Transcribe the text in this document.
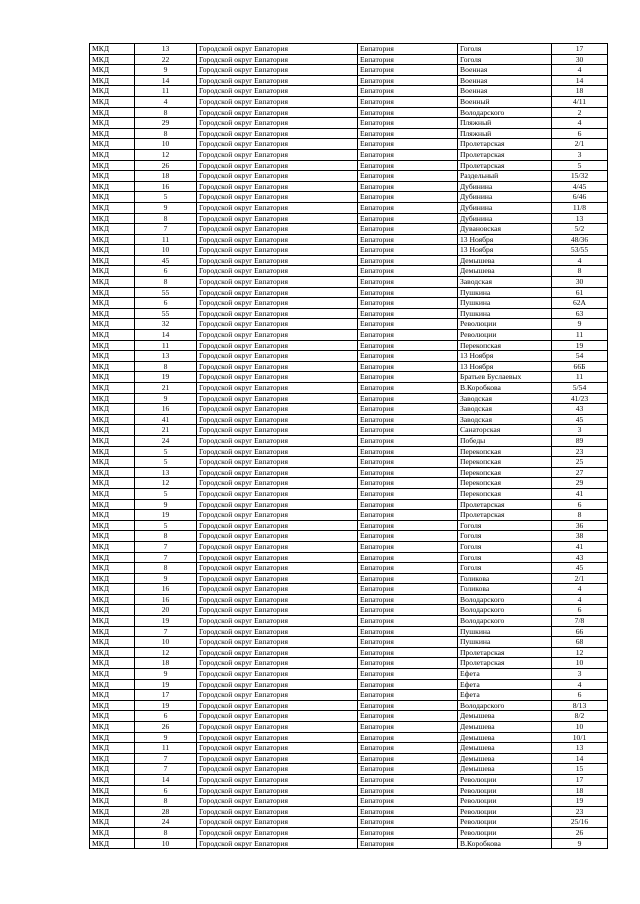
МКД	13	Городской округ Евпатория	Евпатория	Гоголя	17
МКД	22	Городской округ Евпатория	Евпатория	Гоголя	30
МКД	9	Городской округ Евпатория	Евпатория	Военная	4
МКД	14	Городской округ Евпатория	Евпатория	Военная	14
МКД	11	Городской округ Евпатория	Евпатория	Военная	18
МКД	4	Городской округ Евпатория	Евпатория	Военный	4/11
МКД	8	Городской округ Евпатория	Евпатория	Володарского	2
МКД	29	Городской округ Евпатория	Евпатория	Пляжный	4
МКД	8	Городской округ Евпатория	Евпатория	Пляжный	6
МКД	10	Городской округ Евпатория	Евпатория	Пролетарская	2/1
МКД	12	Городской округ Евпатория	Евпатория	Пролетарская	3
МКД	26	Городской округ Евпатория	Евпатория	Пролетарская	5
МКД	18	Городской округ Евпатория	Евпатория	Раздельный	15/32
МКД	16	Городской округ Евпатория	Евпатория	Дубинина	4/45
МКД	5	Городской округ Евпатория	Евпатория	Дубинина	6/46
МКД	9	Городской округ Евпатория	Евпатория	Дубинина	11/8
МКД	8	Городской округ Евпатория	Евпатория	Дубинина	13
МКД	7	Городской округ Евпатория	Евпатория	Дувановская	5/2
МКД	11	Городской округ Евпатория	Евпатория	13 Ноября	48/36
МКД	10	Городской округ Евпатория	Евпатория	13 Ноября	53/55
МКД	45	Городской округ Евпатория	Евпатория	Демышева	4
МКД	6	Городской округ Евпатория	Евпатория	Демышева	8
МКД	8	Городской округ Евпатория	Евпатория	Заводская	30
МКД	55	Городской округ Евпатория	Евпатория	Пушкина	61
МКД	6	Городской округ Евпатория	Евпатория	Пушкина	62А
МКД	55	Городской округ Евпатория	Евпатория	Пушкина	63
МКД	32	Городской округ Евпатория	Евпатория	Революции	9
МКД	14	Городской округ Евпатория	Евпатория	Революции	11
МКД	11	Городской округ Евпатория	Евпатория	Перекопская	19
МКД	13	Городской округ Евпатория	Евпатория	13 Ноября	54
МКД	8	Городской округ Евпатория	Евпатория	13 Ноября	66Б
МКД	19	Городской округ Евпатория	Евпатория	Братьев Буслаевых	11
МКД	21	Городской округ Евпатория	Евпатория	В.Коробкова	5/54
МКД	9	Городской округ Евпатория	Евпатория	Заводская	41/23
МКД	16	Городской округ Евпатория	Евпатория	Заводская	43
МКД	41	Городской округ Евпатория	Евпатория	Заводская	45
МКД	21	Городской округ Евпатория	Евпатория	Санаторская	3
МКД	24	Городской округ Евпатория	Евпатория	Победы	89
МКД	5	Городской округ Евпатория	Евпатория	Перекопская	23
МКД	5	Городской округ Евпатория	Евпатория	Перекопская	25
МКД	13	Городской округ Евпатория	Евпатория	Перекопская	27
МКД	12	Городской округ Евпатория	Евпатория	Перекопская	29
МКД	5	Городской округ Евпатория	Евпатория	Перекопская	41
МКД	9	Городской округ Евпатория	Евпатория	Пролетарская	6
МКД	19	Городской округ Евпатория	Евпатория	Пролетарская	8
МКД	5	Городской округ Евпатория	Евпатория	Гоголя	36
МКД	8	Городской округ Евпатория	Евпатория	Гоголя	38
МКД	7	Городской округ Евпатория	Евпатория	Гоголя	41
МКД	7	Городской округ Евпатория	Евпатория	Гоголя	43
МКД	8	Городской округ Евпатория	Евпатория	Гоголя	45
МКД	9	Городской округ Евпатория	Евпатория	Голикова	2/1
МКД	16	Городской округ Евпатория	Евпатория	Голикова	4
МКД	16	Городской округ Евпатория	Евпатория	Володарского	4
МКД	20	Городской округ Евпатория	Евпатория	Володарского	6
МКД	19	Городской округ Евпатория	Евпатория	Володарского	7/8
МКД	7	Городской округ Евпатория	Евпатория	Пушкина	66
МКД	10	Городской округ Евпатория	Евпатория	Пушкина	68
МКД	12	Городской округ Евпатория	Евпатория	Пролетарская	12
МКД	18	Городской округ Евпатория	Евпатория	Пролетарская	10
МКД	9	Городской округ Евпатория	Евпатория	Ефета	3
МКД	19	Городской округ Евпатория	Евпатория	Ефета	4
МКД	17	Городской округ Евпатория	Евпатория	Ефета	6
МКД	19	Городской округ Евпатория	Евпатория	Володарского	8/13
МКД	6	Городской округ Евпатория	Евпатория	Демышева	8/2
МКД	26	Городской округ Евпатория	Евпатория	Демышева	10
МКД	9	Городской округ Евпатория	Евпатория	Демышева	10/1
МКД	11	Городской округ Евпатория	Евпатория	Демышева	13
МКД	7	Городской округ Евпатория	Евпатория	Демышева	14
МКД	7	Городской округ Евпатория	Евпатория	Демышева	15
МКД	14	Городской округ Евпатория	Евпатория	Революции	17
МКД	6	Городской округ Евпатория	Евпатория	Революции	18
МКД	8	Городской округ Евпатория	Евпатория	Революции	19
МКД	28	Городской округ Евпатория	Евпатория	Революции	23
МКД	24	Городской округ Евпатория	Евпатория	Революции	25/16
МКД	8	Городской округ Евпатория	Евпатория	Революции	26
МКД	10	Городской округ Евпатория	Евпатория	В.Коробкова	9
